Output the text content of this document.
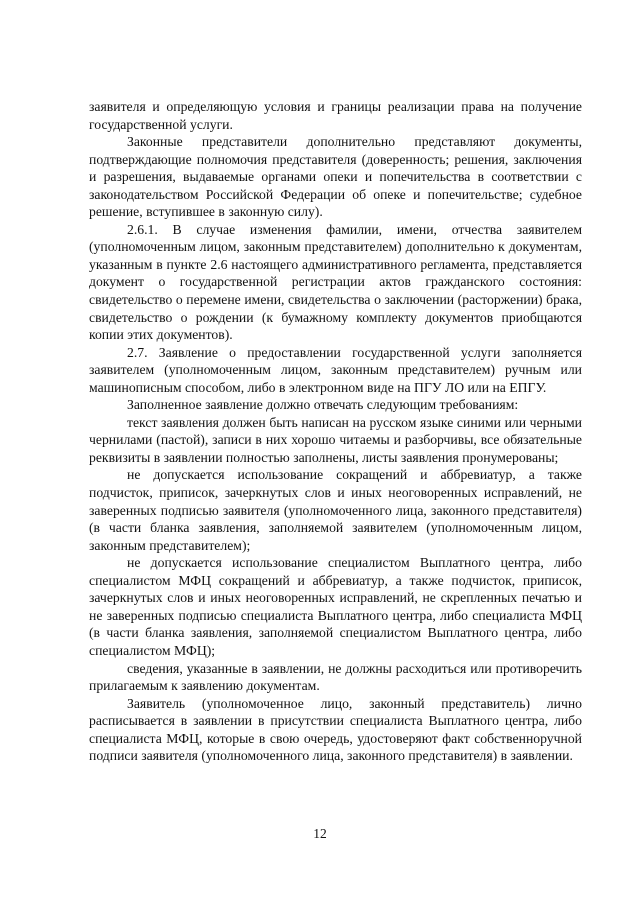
заявителя и определяющую условия и границы реализации права на получение государственной услуги.

Законные представители дополнительно представляют документы, подтверждающие полномочия представителя (доверенность; решения, заключения и разрешения, выдаваемые органами опеки и попечительства в соответствии с законодательством Российской Федерации об опеке и попечительстве; судебное решение, вступившее в законную силу).

2.6.1. В случае изменения фамилии, имени, отчества заявителем (уполномоченным лицом, законным представителем) дополнительно к документам, указанным в пункте 2.6 настоящего административного регламента, представляется документ о государственной регистрации актов гражданского состояния: свидетельство о перемене имени, свидетельства о заключении (расторжении) брака, свидетельство о рождении (к бумажному комплекту документов приобщаются копии этих документов).

2.7. Заявление о предоставлении государственной услуги заполняется заявителем (уполномоченным лицом, законным представителем) ручным или машинописным способом, либо в электронном виде на ПГУ ЛО или на ЕПГУ.

Заполненное заявление должно отвечать следующим требованиям:

текст заявления должен быть написан на русском языке синими или черными чернилами (пастой), записи в них хорошо читаемы и разборчивы, все обязательные реквизиты в заявлении полностью заполнены, листы заявления пронумерованы;

не допускается использование сокращений и аббревиатур, а также подчисток, приписок, зачеркнутых слов и иных неоговоренных исправлений, не заверенных подписью заявителя (уполномоченного лица, законного представителя) (в части бланка заявления, заполняемой заявителем (уполномоченным лицом, законным представителем);

не допускается использование специалистом Выплатного центра, либо специалистом МФЦ сокращений и аббревиатур, а также подчисток, приписок, зачеркнутых слов и иных неоговоренных исправлений, не скрепленных печатью и не заверенных подписью специалиста Выплатного центра, либо специалиста МФЦ (в части бланка заявления, заполняемой специалистом Выплатного центра, либо специалистом МФЦ);

сведения, указанные в заявлении, не должны расходиться или противоречить прилагаемым к заявлению документам.

Заявитель (уполномоченное лицо, законный представитель) лично расписывается в заявлении в присутствии специалиста Выплатного центра, либо специалиста МФЦ, которые в свою очередь, удостоверяют факт собственноручной подписи заявителя (уполномоченного лица, законного представителя) в заявлении.

12
